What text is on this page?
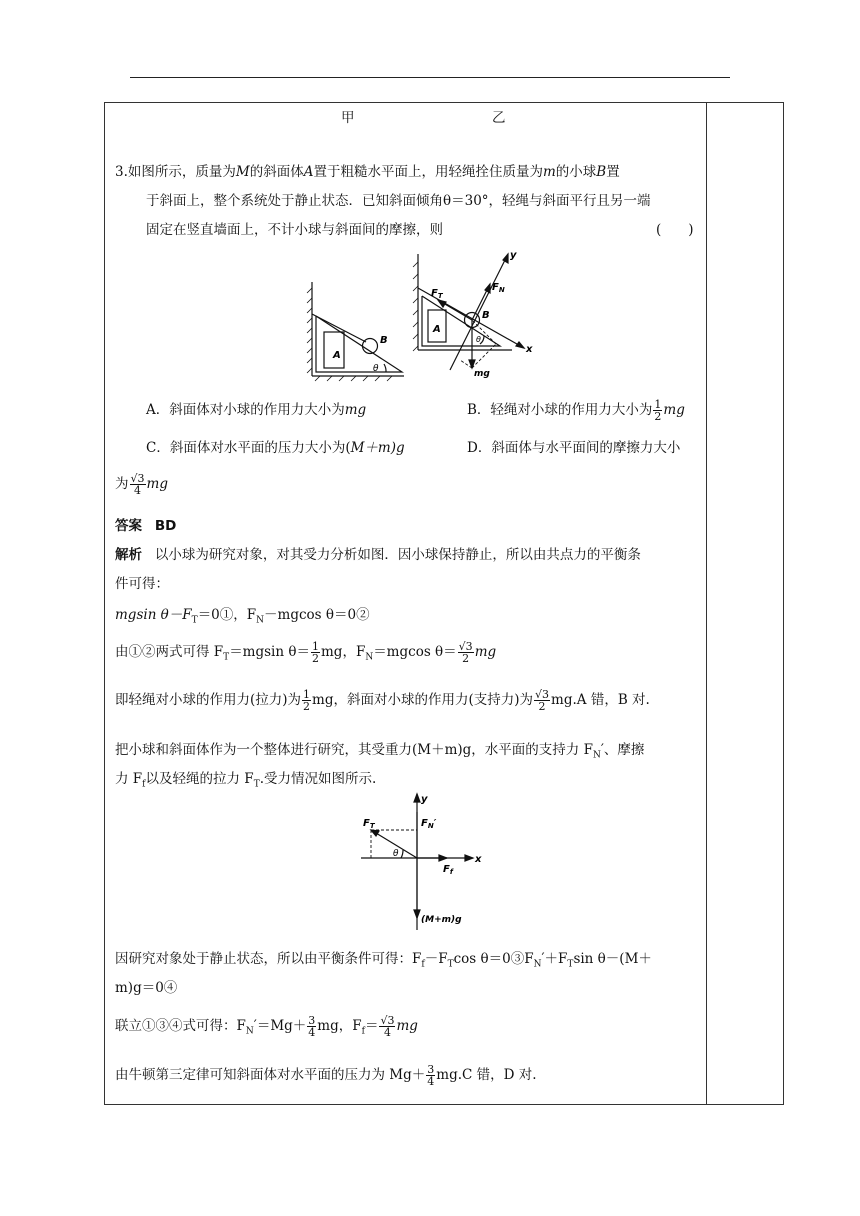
甲	乙
3.如图所示，质量为M的斜面体A置于粗糙水平面上，用轻绳拴住质量为m的小球B置
于斜面上，整个系统处于静止状态．已知斜面倾角θ＝30°，轻绳与斜面平行且另一端
固定在竖直墙面上，不计小球与斜面间的摩擦，则	(　　)
A
B
θ
$F_T$
$F_N$
y
A
B
x
θ
mg
A．斜面体对小球的作用力大小为mg	B．轻绳对小球的作用力大小为 $\frac{1}{2}$ mg
C．斜面体对水平面的压力大小为(M＋m)g	D．斜面体与水平面间的摩擦力大小
为 $\frac{√3}{4}$ mg
答案 BD
解析 以小球为研究对象，对其受力分析如图．因小球保持静止，所以由共点力的平衡条
件可得：
mgsin $\theta-F_T=0①$，$F_N-mgcos$ θ＝0②
由①②两式可得 $F_T=mgsin$ $\theta= \frac{1}{2}$ mg，$F_N=mgcos$ $\theta= \frac{√3}{2}$ mg
即轻绳对小球的作用力(拉力)为 $\frac{1}{2}$ mg，斜面对小球的作用力(支持力)为 $\frac{√3}{2} mg.A$ 错，B 对.
把小球和斜面体作为一个整体进行研究，其受重力(M＋m)g，水平面的支持力 $F_N'$、摩擦
力 $F_f$以及轻绳的拉力 $F_T$.受力情况如图所示.
y
$F_T$	$F_N'$
θ
$F_f$
x
(M+m)g
因研究对象处于静止状态，所以由平衡条件可得：$F_f-F_T\cos$ $\theta=0③F_N'+F_T\sin$ θ－(M＋
m)g＝0④
联立①③④式可得：$F_N'=Mg+ \frac{3}{4}$ mg，$F_f= \frac{√3}{4}$ mg
由牛顿第三定律可知斜面体对水平面的压力为 $Mg+ \frac{3}{4} mg.C$ 错，D 对.
